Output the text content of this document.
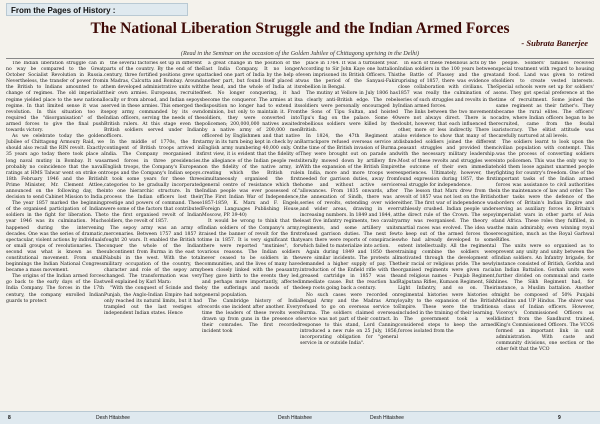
From the Pages of History :
The National Liberation Struggle and the Indian Armed Forces
- Subrata Banerjee
(Read in the Seminar on the occasion of the Golden Jubilee of Chittagong uprising in the Delhi)

The Indian liberation struggle can in no way be compared to the Great October Socialist Revolution in Russia. Nevertheless, the transfer of power from the British to Indians amounted to a change of regimes. The old imperialist regime yielded place to the new national regime. In that limited sense it was a revolution. In this situation too it required the "disorganisation" of the armed forces to give the final push towards victory.

As we celebrate today the golden Jubilee of Chittagong Armoury Raid, we should also recall the RIN revolt. Exactly 35 years ago today there took place a long naval mutiny in Bombay. It was probably no coincidence that the naval ratings at HMS Talwar went on strike on 18th February 1946 and the British Prime Minister, Mr. Clement Attlee, announced on the following day, the decision to send Cabinet Mission to India.

The year 1857 marked the beginning of the organised participation of Indian soldiers in the fight for liberation. The year 1946 was its culmination. Much happened during the intervening decades. One was the series of dramatic, spectacular, violent actions by individuals or small groups of revolutionaries. The second was what is known as the constitutional movement. From small beginnings the Indian National Congress became a mass movement.

The origins of the Indian armed forces go back to the early days of the East India Company. The forces in the 17th century, the company enrolled Indian guards to protect

the several factories set up in different parts of the country. By the end of the century, three fortified positions grew up in Madras, Calcutta and Bombay. Around them developed administrative units with their own armies. Europeans, recruited locally or from abroad, and Indian sepoys served in these armies. This emerged the sepoy army, commanded by its own Indian officers, serving the needs of the British rulers. At this stage even the British soldiers served under Indian officers.

In the middle of 1770s, the first contingent of British troops arrived in India. The Company reorganised its armed forces in three presidencies. English troops, the Company's European troops and the Company's Indian sepoys. It took some years for these three categories to be gradually incorporated into one hierarchic structure. In the process the Indian officers lost their prestige and powers of command. These were some of the factors that contributed to the first organised revolt of Indian soldiers, the revolt of 1857.

The sepoy army was an army of mercenaries. Between 1757 and 1857 it fought 20 wars. It enabled the British to conquer the whole of the Indian subcontinent from Burma in the east to Nabubi in the west. With the total military occupation of the country, the character and role of the sepoy army changed. The transformation was very well explained by Karl Marx:

"With the conquest of Scinde and the Punjab, the Anglo-Indian Empire had not only reached its natural limits, but it had trampled out the last vestiges of independent Indian states. Hence

a great change in the position of the East India Company. It no longer attacked one part of India by the help of another part, but found itself placed at the head, and the whole of India at its feet. No longer conquering, it had become the conqueror. The armies at its disposition no longer had to extend its dominion, but only to maintain it. From soldiers, they were converted into policemen; 200,000,000 natives awaited by a native army of 200,000 men officered by Englishmen and that native army in its turn being kept in check by an English army numbering 40,000 only. On first view, it is evident that the fidelity of the allegiance of the Indian people rests on the fidelity of the native army, in creating which the British rule simultaneously organised the first general centre of resistance which the Indian people was ever possessed of." (The First Indian War of Independence, 1857-1859, K. Marx and F. Engels, Foreign Languages Publishing House, Moscow, PP. 39-40)

It would be wrong to think that the Indian soldiers of the Company's army, raised the banner of revolt for the first time in 1857. It is very significant that there were reported "mutinies", for various reasons. The Indian soldiers never ceased to be soldiers in the communities, and the lives of many have been closely linked with the peasantry. They gave birth to the events they led, and perhaps more importantly, affected by the sufferings and moods of the general population.

The Cambridge history of India records one incident after another. Every time the leaders of these revolts were drawn up from guns in the presence of their comrades. The first recorded incident took

place in 1764. It was a turbulent year. According to Sir John Kaye one battalion even imprisoned its British Officers. This was the period of the Sanyasi-Fakir rebellion in Bengal.

The mutiny at Vellore in July 1806 has a clearly anti-British edge. The rebel soldiers were personally encouraged by the Sons of Tipu Sultan, and hoisted Tipu's flag on the palace. Some 40 rebellious soldiers were killed by the British.

In 1824, the 47th Regiment at Barrackpore refused overseas service at the time of the British invasion of Burma. They were brought out on parade and literally mowed down by artillery fire. With the expansion of the British Empire in India, more and more troops were needed for garrison duties, away from home and without active service allowances. From 1835 onwards, after the annexation of Sindh, there was a series of revolts, extending over wider and wider areas, drawing in ever increasing numbers. In 1849 and 1844, at least five infantry regiments, two cavalry regiments, and some artillery units refused garrison duties. The next few years there were reports of conspiracies which failed to materialize into action.

Again during 1849 and 1850 there were similar incidents. The protests all demanded a higher supply of pay. The introduction of the Enfield rifle with the greased cartridge in 1857 was the immediate cause. But the reaction had deep roots going back a century.

No such cases were recorded on Bengal Army and the Madras Army refused to go on overseas service to Burma. The soldiers claimed overseas service was not part of their contract. In response to this stand, Lord Canning introduced a new rule on 25 July, 1856, incorporating obligation for "general service in or outside India".

In each of these rebellious acts by the Indian soldiers in the 100 years between the Battle of Plassey and the great uprising of 1857, there was evidence of close collaboration with civilians. The 1857 was really the culmination of a series of such struggles and revolts in the Indian armed forces.

The links between the two movements were not always direct. There is no doubt, however, that each influenced the other, more or less indirectly. There is also evidence to show that many of the disbanded soldiers joined the different peasant struggles and provided them with the necessary military leadership. Most of these revolts and struggles were the outcome of their own immediate experiences. Ultimately, however, they found expression during 1857, the first real struggle for independence.

The lesson that Marx drew from the revolt of 1857 was not lost on the British either. The first war of independence was ruthlessly crushed. Indian people under the direct rule of the Crown. The sepoy army was reorganised. The theory of martial races was evolved. The idea was to keep out of the armed forces those who had already developed to some extent intellectually. All the regimental training combine the soldiers were motivated through the development of their racial or religious pride. The newly organised regiments were given racial and religious names - Punjab Regiment, Rajputana Rifles, Kumaon Regiment, Sikh Light Infantry, and so on. Their regimental histories were histories of loyalty to the expansion of the British Empire. These were the traditions included in the training of their learning.

The government took a well considered steps to keep the armed forces isolated from the

people. Soldiers' families received special treatment with regard to housing and food. Land was given to retired soldiers to create vested interests. Special schools were set up for soldiers' sons. They got special preference at the time of recruitment. Some joined the same regiment as their father's. They became the rural elites. The officers' cadre, where Indian officers began to be recruited, came from the feudal aristocracy. The elitist attitude was carefully nurtured at all levels.

The soldiers learnt to look upon the civilian population with contempt. This was the process of converting soldiers into policemen. This was the only way to hold them loose against unarmed people fighting for country's freedom. One of the important tasks of the Indian armed forces was assistance to civil authorities in the maintenance of law and order. The other tasks were the defence of the borders of Britain's Indian Empire and serving as auxiliary forces in Britain's imperialist wars in other parts of Asia and Africa. These roles they fulfilled, in the main admirably, even winning royal recognition, much as the Royal Garhwal Rifles.

The units were so organised as to prevent any unity and unity between the Indian soldiers. An Infantry brigade, for instance consisted of British, Gorkha and an Indian Battalion. Gorkah units were further divided on communal and caste lines. The Sikh Regiment had, for instance, a Muslim battalion. Another might be composed of 50% Punjabi Muslims and UP Hindus. The shiver was a class of Indian officers. However, Viceroy's Commissioned Officers as distinct from the Sandhurst trained, King's Commissioned Officers. The VCOS formed an important link in unit administration. With caste and community divisions, one section or the other felt that the VCO

8	Desh Hitaishee	Desh Hitaishee	Desh Hitaishee	9
